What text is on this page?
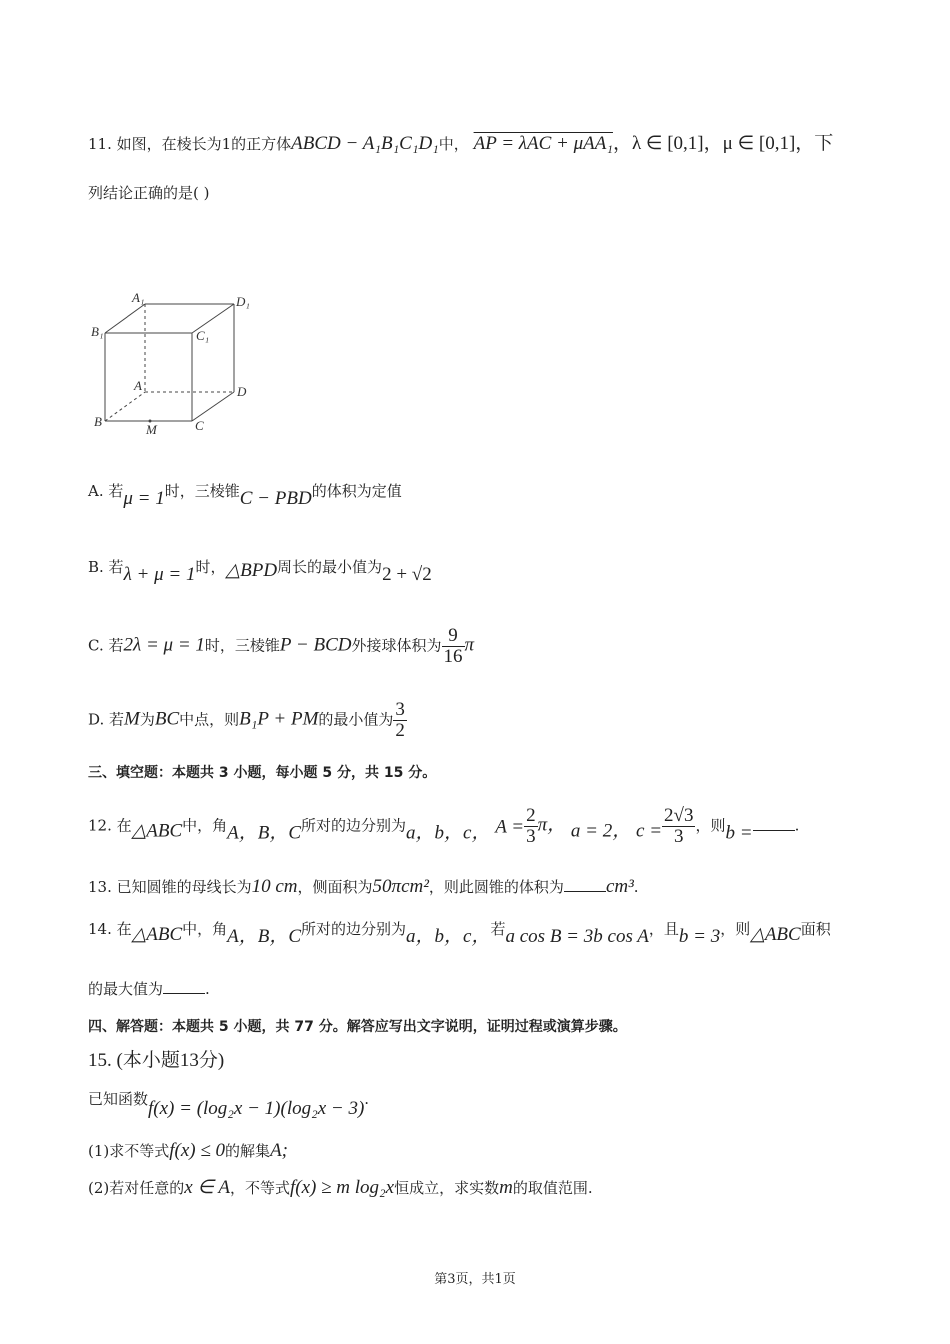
11. 如图，在棱长为1的正方体ABCD − A₁B₁C₁D₁中， AP = λAC + μAA₁，λ ∈ [0,1]，μ ∈ [0,1]，下
列结论正确的是( )
A₁	D₁
B₁	C₁
A	D
B
M	C
A. 若μ = 1时，三棱锥C − PBD的体积为定值
B. 若λ + μ = 1时，△BPD周长的最小值为2 + √2
C. 若2λ = μ = 1时，三棱锥P − BCD外接球体积为 $\frac{9}{16}$ π
D. 若M为BC中点，则B₁P + PM的最小值为 $\frac{3}{2}$
三、填空题：本题共 3 小题，每小题 5 分，共 15 分。
12. 在△ABC中，角A，B，C所对的边分别为a，b，c， $A = \frac{2}{3}$ π， a = 2， $c = \frac{2√3}{3}$ ，则b =	.
13. 已知圆锥的母线长为10 cm，侧面积为50πcm²，则此圆锥的体积为 cm³.
14. 在△ABC中，角A，B，C所对的边分别为a，b，c，若a cos B = 3b cos A，且b = 3，则△ABC面积
的最大值为	.
四、解答题：本题共 5 小题，共 77 分。解答应写出文字说明，证明过程或演算步骤。
15. (本小题13分)
已知函数f(x) = (log₂x − 1)(log₂x − 3).
(1)求不等式f(x) ≤ 0的解集A;
(2)若对任意的x ∈ A，不等式f(x) ≥ m log₂x恒成立，求实数m的取值范围.
第3页，共1页
